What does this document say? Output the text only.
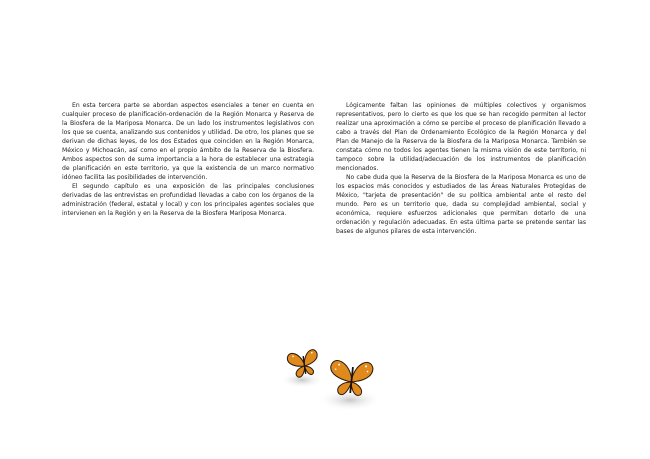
En esta tercera parte se abordan aspectos esenciales a tener en cuenta en cualquier proceso de planificación-ordenación de la Región Monarca y Reserva de la Biosfera de la Mariposa Monarca. De un lado los instrumentos legislativos con los que se cuenta, analizando sus contenidos y utilidad. De otro, los planes que se derivan de dichas leyes, de los dos Estados que coinciden en la Región Monarca, México y Michoacán, así como en el propio ámbito de la Reserva de la Biosfera. Ambos aspectos son de suma importancia a la hora de establecer una estrategia de planificación en este territorio, ya que la existencia de un marco normativo idóneo facilita las posibilidades de intervención.

El segundo capítulo es una exposición de las principales conclusiones derivadas de las entrevistas en profundidad llevadas a cabo con los órganos de la administración (federal, estatal y local) y con los principales agentes sociales que intervienen en la Región y en la Reserva de la Biosfera Mariposa Monarca.

Lógicamente faltan las opiniones de múltiples colectivos y organismos representativos, pero lo cierto es que los que se han recogido permiten al lector realizar una aproximación a cómo se percibe el proceso de planificación llevado a cabo a través del Plan de Ordenamiento Ecológico de la Región Monarca y del Plan de Manejo de la Reserva de la Biosfera de la Mariposa Monarca. También se constata cómo no todos los agentes tienen la misma visión de este territorio, ni tampoco sobre la utilidad/adecuación de los instrumentos de planificación mencionados.

No cabe duda que la Reserva de la Biosfera de la Mariposa Monarca es uno de los espacios más conocidos y estudiados de las Áreas Naturales Protegidas de México, "tarjeta de presentación" de su política ambiental ante el resto del mundo. Pero es un territorio que, dada su complejidad ambiental, social y económica, requiere esfuerzos adicionales que permitan dotarlo de una ordenación y regulación adecuadas. En esta última parte se pretende sentar las bases de algunos pilares de esta intervención.
